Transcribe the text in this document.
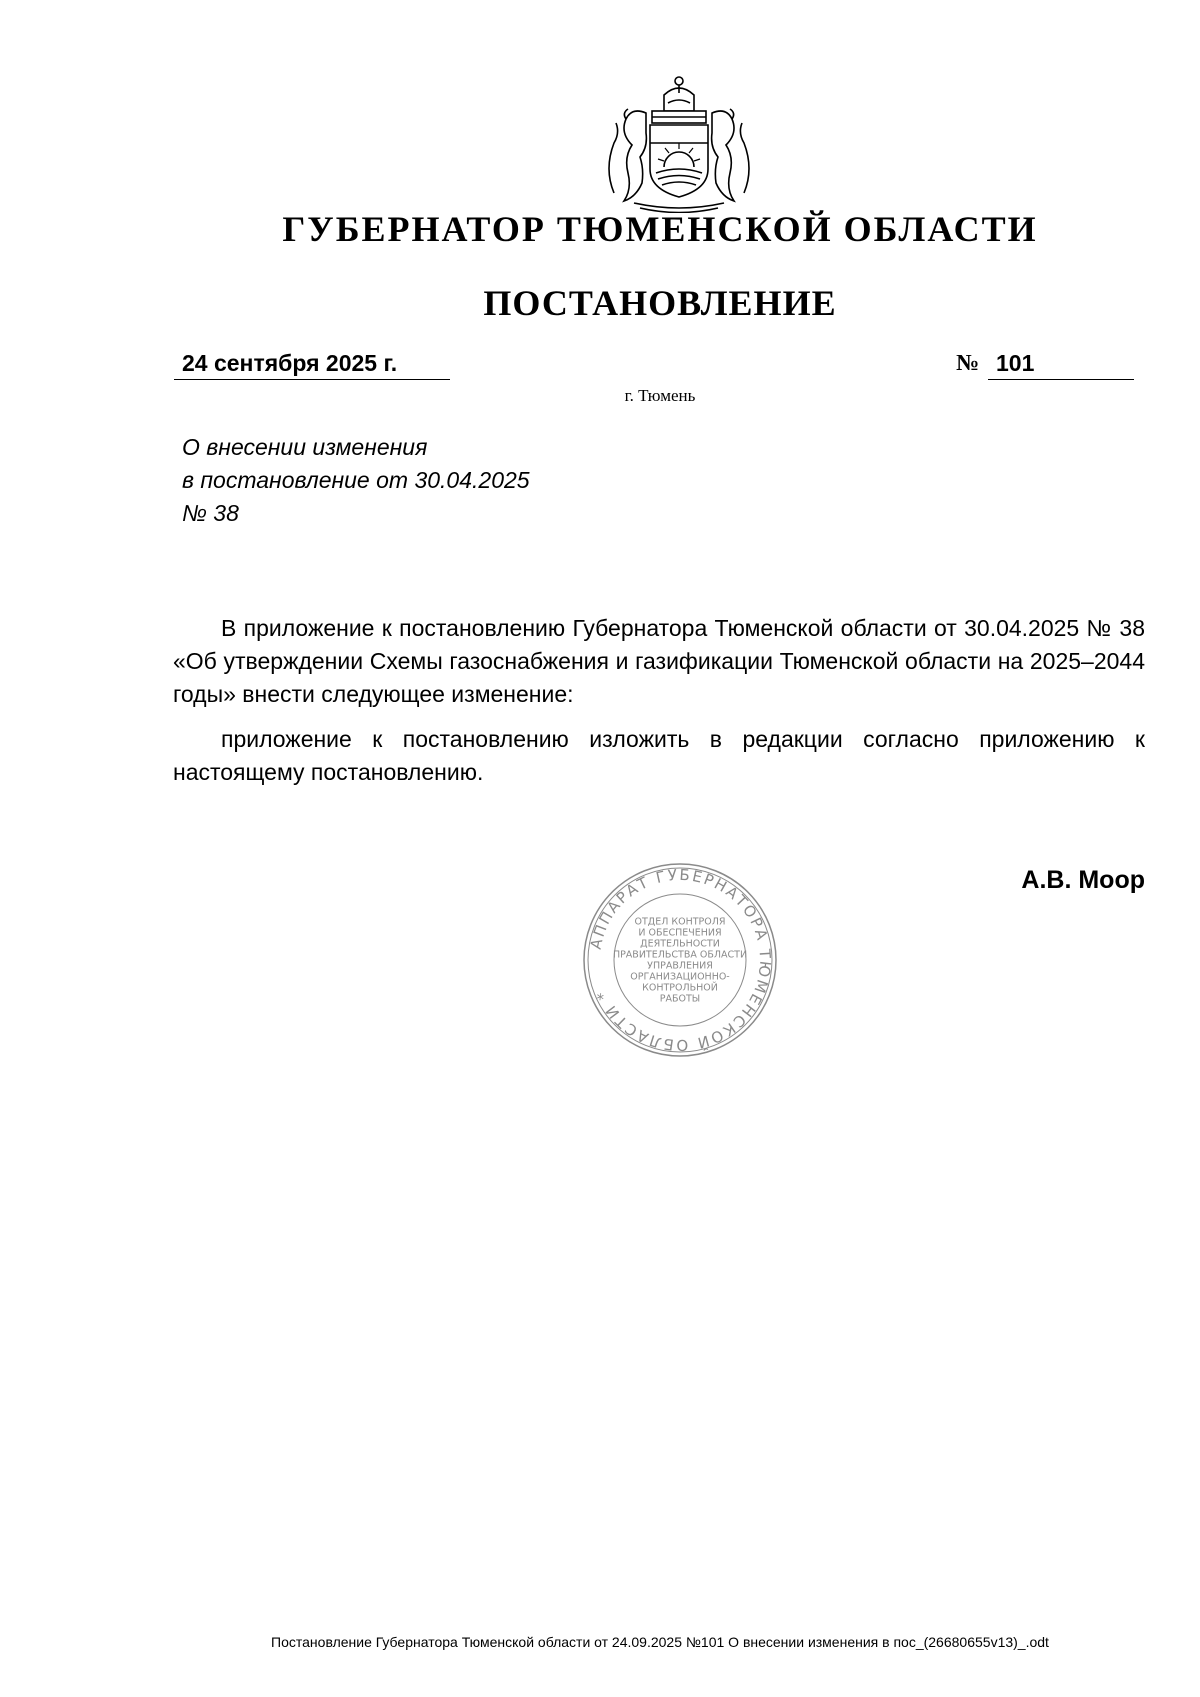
ГУБЕРНАТОР ТЮМЕНСКОЙ ОБЛАСТИ
ПОСТАНОВЛЕНИЕ
24 сентября 2025 г.	№ 101
г. Тюмень
О внесении изменения
в постановление от 30.04.2025
№ 38

В приложение к постановлению Губернатора Тюменской области от 30.04.2025 № 38 «Об утверждении Схемы газоснабжения и газификации Тюменской области на 2025–2044 годы» внести следующее изменение:

приложение к постановлению изложить в редакции согласно приложению к настоящему постановлению.

А.В. Моор
АППАРАТ ГУБЕРНАТОРА ТЮМЕНСКОЙ ОБЛАСТИ *
ОТДЕЛ КОНТРОЛЯ
И ОБЕСПЕЧЕНИЯ
ДЕЯТЕЛЬНОСТИ
ПРАВИТЕЛЬСТВА ОБЛАСТИ
УПРАВЛЕНИЯ
ОРГАНИЗАЦИОННО-
КОНТРОЛЬНОЙ
РАБОТЫ
Постановление Губернатора Тюменской области от 24.09.2025 №101 О внесении изменения в пос_(26680655v13)_.odt
